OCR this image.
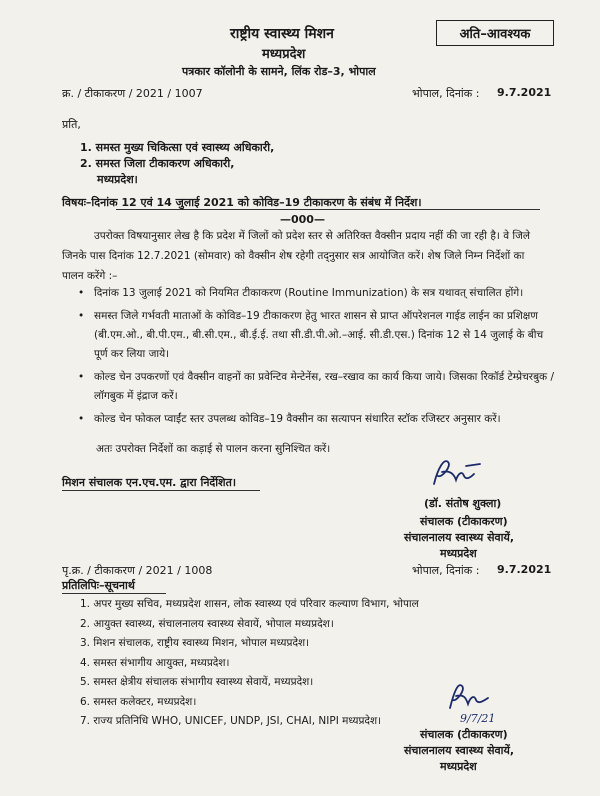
राष्ट्रीय स्वास्थ्य मिशन
मध्यप्रदेश
पत्रकार कॉलोनी के सामने, लिंक रोड–3, भोपाल
अति–आवश्यक
क्र. / टीकाकरण / 2021 / 1007	भोपाल, दिनांक : 9.7.2021
प्रति,
1. समस्त मुख्य चिकित्सा एवं स्वास्थ्य अधिकारी,
2. समस्त जिला टीकाकरण अधिकारी,
मध्यप्रदेश।
विषयः–दिनांक 12 एवं 14 जुलाई 2021 को कोविड–19 टीकाकरण के संबंध में निर्देश।
—000—
उपरोक्त विषयानुसार लेख है कि प्रदेश में जिलों को प्रदेश स्तर से अतिरिक्त वैक्सीन प्रदाय नहीं की जा रही है। वे जिले जिनके पास दिनांक 12.7.2021 (सोमवार) को वैक्सीन शेष रहेगी तद्‌नुसार सत्र आयोजित करें। शेष जिले निम्न निर्देशों का पालन करेंगे :–
• दिनांक 13 जुलाई 2021 को नियमित टीकाकरण (Routine Immunization) के सत्र यथावत् संचालित होंगे।
• समस्त जिले गर्भवती माताओं के कोविड–19 टीकाकरण हेतु भारत शासन से प्राप्त ऑपरेशनल गाईड लाईन का प्रशिक्षण (बी.एम.ओ., बी.पी.एम., बी.सी.एम., बी.ई.ई. तथा सी.डी.पी.ओ.–आई. सी.डी.एस.) दिनांक 12 से 14 जुलाई के बीच पूर्ण कर लिया जाये।
• कोल्ड चेन उपकरणों एवं वैक्सीन वाहनों का प्रवेन्टिव मेन्टेनेंस, रख–रखाव का कार्य किया जाये। जिसका रिकॉर्ड टेम्प्रेचरबुक / लॉगबुक में इंद्राज करें।
• कोल्ड चेन फोकल प्वाईंट स्तर उपलब्ध कोविड–19 वैक्सीन का सत्यापन संधारित स्टॉक रजिस्टर अनुसार करें।
अतः उपरोक्त निर्देशों का कड़ाई से पालन करना सुनिश्चित करें।
मिशन संचालक एन.एच.एम. द्वारा निर्देशित।
(डॉ. संतोष शुक्ला)
संचालक (टीकाकरण)
संचालनालय स्वास्थ्य सेवायें,
मध्यप्रदेश
पृ.क्र. / टीकाकरण / 2021 / 1008	भोपाल, दिनांक : 9.7.2021
प्रतिलिपिः–सूचनार्थ
1. अपर मुख्य सचिव, मध्यप्रदेश शासन, लोक स्वास्थ्य एवं परिवार कल्याण विभाग, भोपाल
2. आयुक्त स्वास्थ्य, संचालनालय स्वास्थ्य सेवायें, भोपाल मध्यप्रदेश।
3. मिशन संचालक, राष्ट्रीय स्वास्थ्य मिशन, भोपाल मध्यप्रदेश।
4. समस्त संभागीय आयुक्त, मध्यप्रदेश।
5. समस्त क्षेत्रीय संचालक संभागीय स्वास्थ्य सेवायें, मध्यप्रदेश।
6. समस्त कलेक्टर, मध्यप्रदेश।
7. राज्य प्रतिनिधि WHO, UNICEF, UNDP, JSI, CHAI, NIPI मध्यप्रदेश।	9/7/21
संचालक (टीकाकरण)
संचालनालय स्वास्थ्य सेवायें,
मध्यप्रदेश
